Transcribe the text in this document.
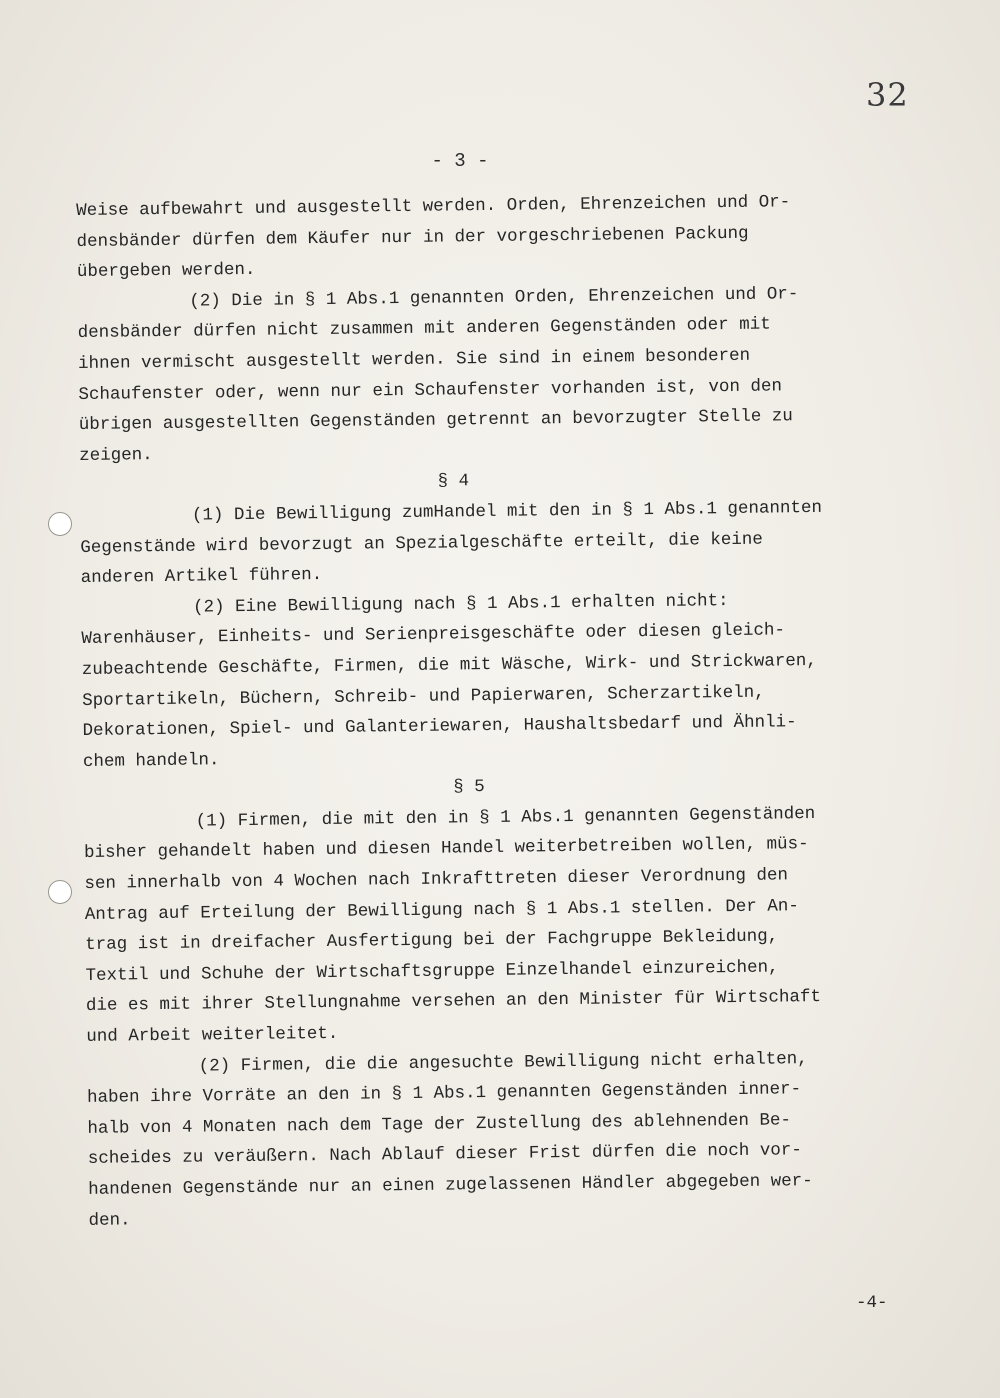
32
- 3 -
Weise aufbewahrt und ausgestellt werden. Orden, Ehrenzeichen und Or-
densbänder dürfen dem Käufer nur in der vorgeschriebenen Packung
übergeben werden.
(2) Die in § 1 Abs.1 genannten Orden, Ehrenzeichen und Or-
densbänder dürfen nicht zusammen mit anderen Gegenständen oder mit
ihnen vermischt ausgestellt werden. Sie sind in einem besonderen
Schaufenster oder, wenn nur ein Schaufenster vorhanden ist, von den
übrigen ausgestellten Gegenständen getrennt an bevorzugter Stelle zu
zeigen.
§ 4
(1) Die Bewilligung zumHandel mit den in § 1 Abs.1 genannten
Gegenstände wird bevorzugt an Spezialgeschäfte erteilt, die keine
anderen Artikel führen.
(2) Eine Bewilligung nach § 1 Abs.1 erhalten nicht:
Warenhäuser, Einheits- und Serienpreisgeschäfte oder diesen gleich-
zubeachtende Geschäfte, Firmen, die mit Wäsche, Wirk- und Strickwaren,
Sportartikeln, Büchern, Schreib- und Papierwaren, Scherzartikeln,
Dekorationen, Spiel- und Galanteriewaren, Haushaltsbedarf und Ähnli-
chem handeln.
§ 5
(1) Firmen, die mit den in § 1 Abs.1 genannten Gegenständen
bisher gehandelt haben und diesen Handel weiterbetreiben wollen, müs-
sen innerhalb von 4 Wochen nach Inkrafttreten dieser Verordnung den
Antrag auf Erteilung der Bewilligung nach § 1 Abs.1 stellen. Der An-
trag ist in dreifacher Ausfertigung bei der Fachgruppe Bekleidung,
Textil und Schuhe der Wirtschaftsgruppe Einzelhandel einzureichen,
die es mit ihrer Stellungnahme versehen an den Minister für Wirtschaft
und Arbeit weiterleitet.
(2) Firmen, die die angesuchte Bewilligung nicht erhalten,
haben ihre Vorräte an den in § 1 Abs.1 genannten Gegenständen inner-
halb von 4 Monaten nach dem Tage der Zustellung des ablehnenden Be-
scheides zu veräußern. Nach Ablauf dieser Frist dürfen die noch vor-
handenen Gegenstände nur an einen zugelassenen Händler abgegeben wer-
den.
-4-
